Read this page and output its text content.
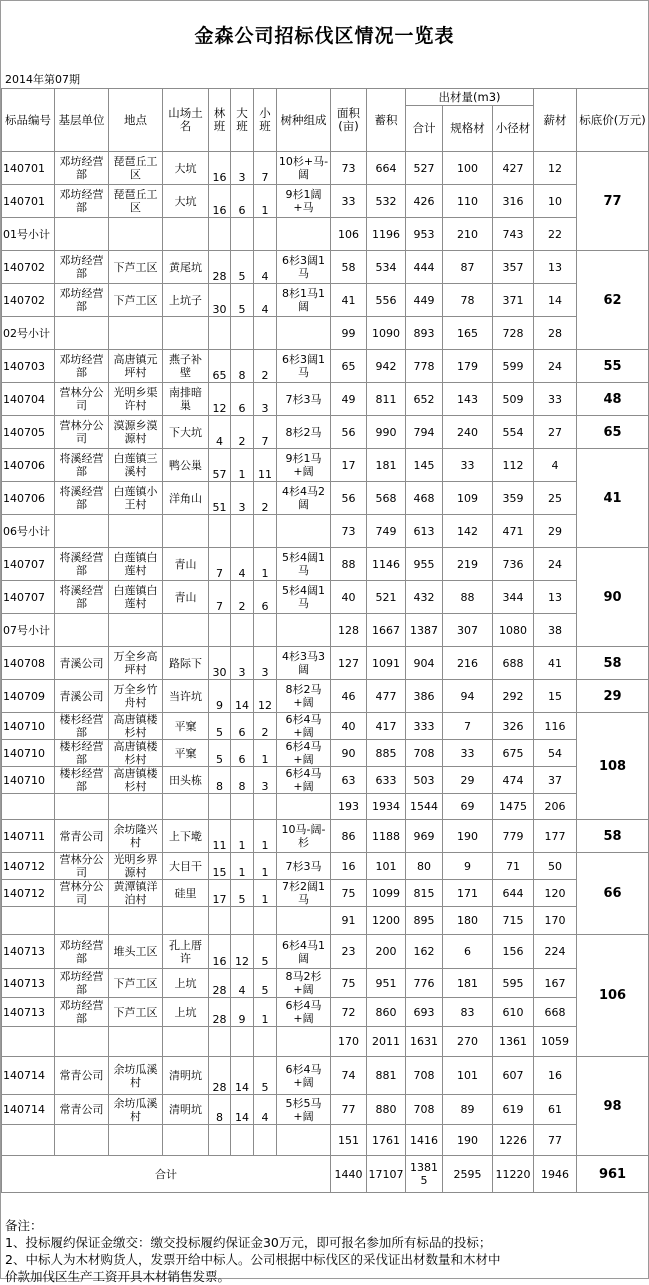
金森公司招标伐区情况一览表
2014年第07期
标品编号	基层单位	地点	山场土名	林班	大班	小班	树种组成	面积(亩)	蓄积	出材量(m3)			薪材	标底价(万元)
										合计	规格材	小径材		
140701	邓坊经营部	琵琶丘工区	大坑	16	3	7	10杉+马-阔	73	664	527	100	427	12	77
140701	邓坊经营部	琵琶丘工区	大坑	16	6	1	9杉1阔+马	33	532	426	110	316	10	
01号小计								106	1196	953	210	743	22	
140702	邓坊经营部	下芦工区	黄尾坑	28	5	4	6杉3阔1马	58	534	444	87	357	13	62
140702	邓坊经营部	下芦工区	上坑子	30	5	4	8杉1马1阔	41	556	449	78	371	14	
02号小计								99	1090	893	165	728	28	
140703	邓坊经营部	高唐镇元坪村	燕子补壁	65	8	2	6杉3阔1马	65	942	778	179	599	24	55
140704	营林分公司	光明乡渠许村	南排暗巢	12	6	3	7杉3马	49	811	652	143	509	33	48
140705	营林分公司	漠源乡漠源村	下大坑	4	2	7	8杉2马	56	990	794	240	554	27	65
140706	将溪经营部	白莲镇三溪村	鸭公巢	57	1	11	9杉1马+阔	17	181	145	33	112	4	41
140706	将溪经营部	白莲镇小王村	洋角山	51	3	2	4杉4马2阔	56	568	468	109	359	25	
06号小计								73	749	613	142	471	29	
140707	将溪经营部	白莲镇白莲村	青山	7	4	1	5杉4阔1马	88	1146	955	219	736	24	90
140707	将溪经营部	白莲镇白莲村	青山	7	2	6	5杉4阔1马	40	521	432	88	344	13	
07号小计								128	1667	1387	307	1080	38	
140708	青溪公司	万全乡高坪村	路际下	30	3	3	4杉3马3阔	127	1091	904	216	688	41	58
140709	青溪公司	万全乡竹舟村	当许坑	9	14	12	8杉2马+阔	46	477	386	94	292	15	29
140710	楼杉经营部	高唐镇楼杉村	平窠	5	6	2	6杉4马+阔	40	417	333	7	326	116	108
140710	楼杉经营部	高唐镇楼杉村	平窠	5	6	1	6杉4马+阔	90	885	708	33	675	54	
140710	楼杉经营部	高唐镇楼杉村	田头栋	8	8	3	6杉4马+阔	63	633	503	29	474	37	
								193	1934	1544	69	1475	206	
140711	常青公司	余坊隆兴村	上下墘	11	1	1	10马-阔-杉	86	1188	969	190	779	177	58
140712	营林分公司	光明乡界源村	大目干	15	1	1	7杉3马	16	101	80	9	71	50	66
140712	营林分公司	黄潭镇洋泊村	硅里	17	5	1	7杉2阔1马	75	1099	815	171	644	120	
								91	1200	895	180	715	170	
140713	邓坊经营部	堆头工区	孔上厝许	16	12	5	6杉4马1阔	23	200	162	6	156	224	106
140713	邓坊经营部	下芦工区	上坑	28	4	5	8马2杉+阔	75	951	776	181	595	167	
140713	邓坊经营部	下芦工区	上坑	28	9	1	6杉4马+阔	72	860	693	83	610	668	
								170	2011	1631	270	1361	1059	
140714	常青公司	余坊瓜溪村	清明坑	28	14	5	6杉4马+阔	74	881	708	101	607	16	98
140714	常青公司	余坊瓜溪村	清明坑	8	14	4	5杉5马+阔	77	880	708	89	619	61	
								151	1761	1416	190	1226	77	
合计								1440	17107	13815	2595	11220	1946	961
备注：
1、投标履约保证金缴交：缴交投标履约保证金30万元，即可报名参加所有标品的投标；
2、中标人为木材购货人，发票开给中标人。公司根据中标伐区的采伐证出材数量和木材中
价款加伐区生产工资开具木材销售发票。
